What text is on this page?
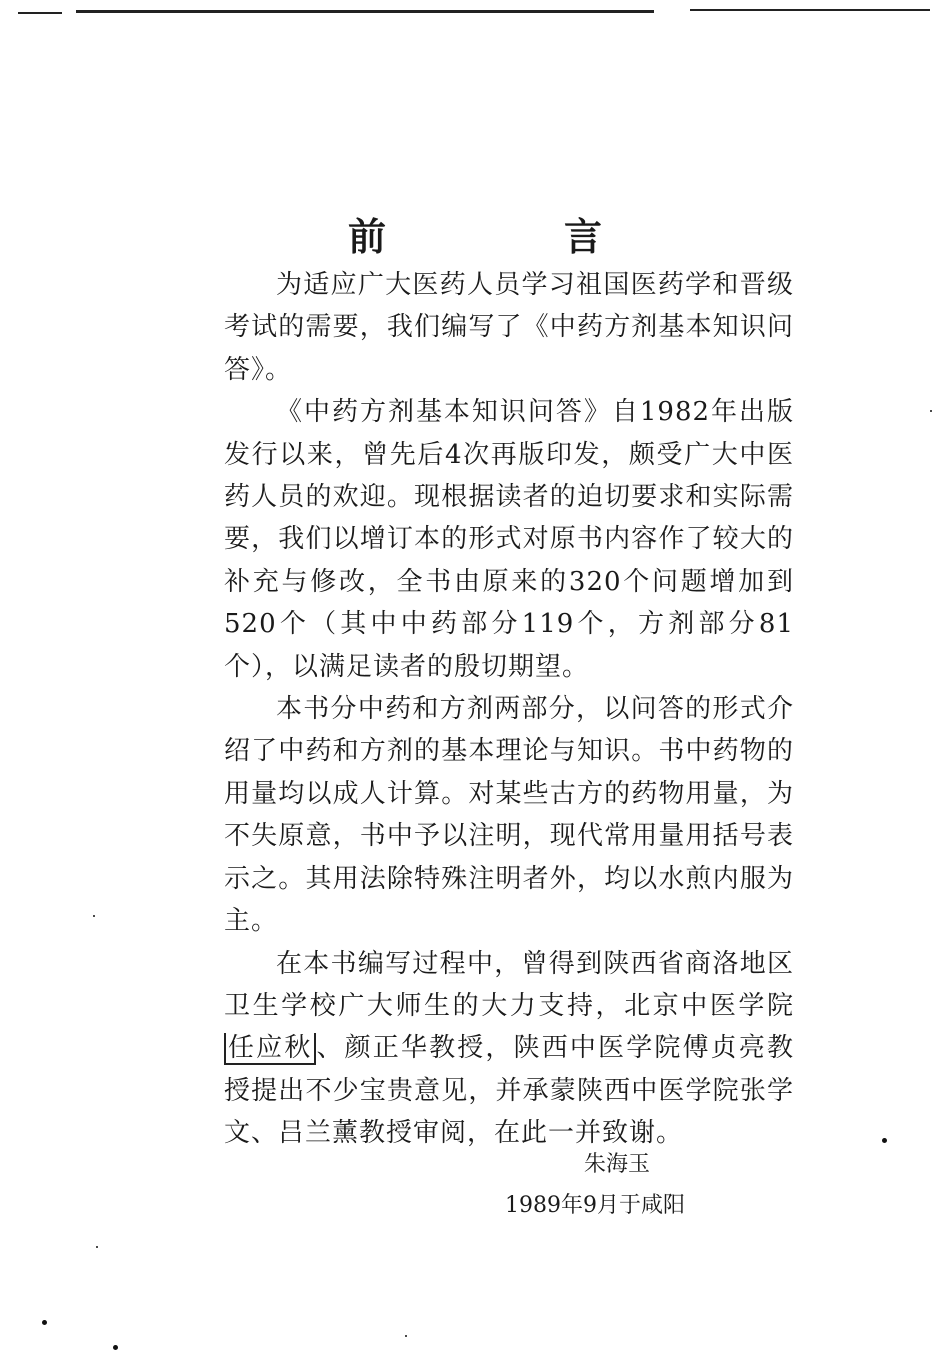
前　言

为适应广大医药人员学习祖国医药学和晋级考试的需要，我们编写了《中药方剂基本知识问答》。

《中药方剂基本知识问答》自1982年出版发行以来，曾先后4次再版印发，颇受广大中医药人员的欢迎。现根据读者的迫切要求和实际需要，我们以增订本的形式对原书内容作了较大的补充与修改，全书由原来的320个问题增加到520个（其中中药部分119个，方剂部分81个），以满足读者的殷切期望。

本书分中药和方剂两部分，以问答的形式介绍了中药和方剂的基本理论与知识。书中药物的用量均以成人计算。对某些古方的药物用量，为不失原意，书中予以注明，现代常用量用括号表示之。其用法除特殊注明者外，均以水煎内服为主。

在本书编写过程中，曾得到陕西省商洛地区卫生学校广大师生的大力支持，北京中医学院任应秋 、颜正华教授，陕西中医学院傅贞亮教授提出不少宝贵意见，并承蒙陕西中医学院张学文、吕兰薰教授审阅，在此一并致谢。

朱海玉
1989年9月于咸阳
